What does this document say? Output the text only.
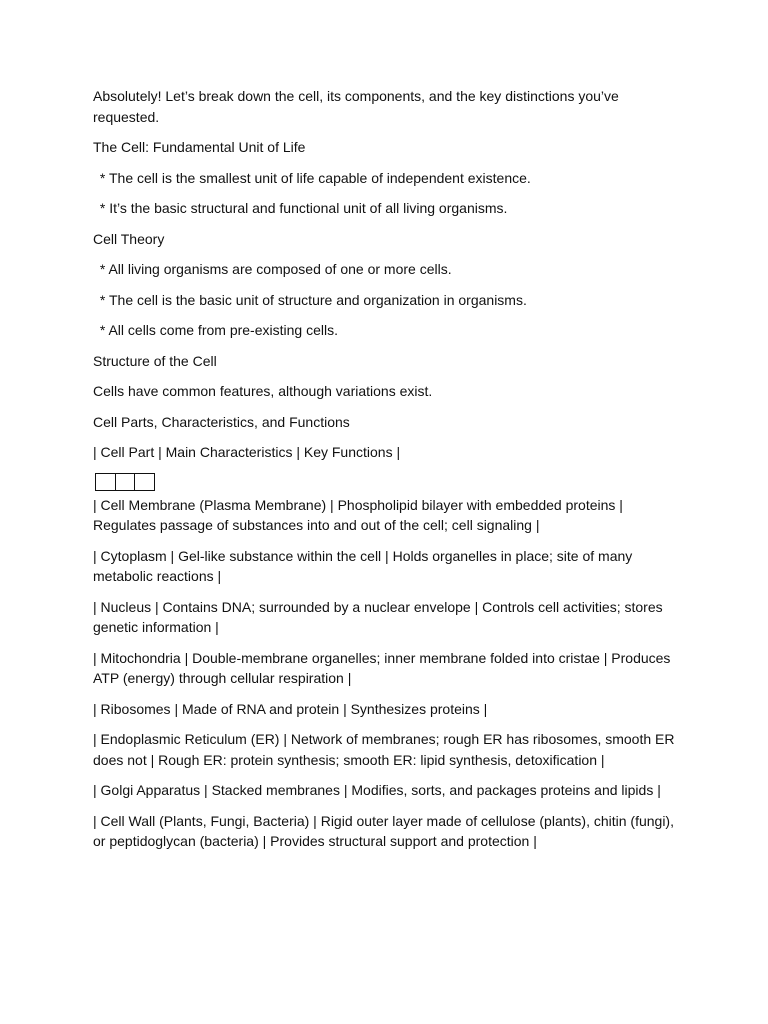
Absolutely! Let’s break down the cell, its components, and the key distinctions you’ve requested.

The Cell: Fundamental Unit of Life

* The cell is the smallest unit of life capable of independent existence.

* It’s the basic structural and functional unit of all living organisms.

Cell Theory

* All living organisms are composed of one or more cells.

* The cell is the basic unit of structure and organization in organisms.

* All cells come from pre-existing cells.

Structure of the Cell

Cells have common features, although variations exist.

Cell Parts, Characteristics, and Functions

| Cell Part | Main Characteristics | Key Functions |

| Cell Membrane (Plasma Membrane) | Phospholipid bilayer with embedded proteins | Regulates passage of substances into and out of the cell; cell signaling |

| Cytoplasm | Gel-like substance within the cell | Holds organelles in place; site of many metabolic reactions |

| Nucleus | Contains DNA; surrounded by a nuclear envelope | Controls cell activities; stores genetic information |

| Mitochondria | Double-membrane organelles; inner membrane folded into cristae | Produces ATP (energy) through cellular respiration |

| Ribosomes | Made of RNA and protein | Synthesizes proteins |

| Endoplasmic Reticulum (ER) | Network of membranes; rough ER has ribosomes, smooth ER does not | Rough ER: protein synthesis; smooth ER: lipid synthesis, detoxification |

| Golgi Apparatus | Stacked membranes | Modifies, sorts, and packages proteins and lipids |

| Cell Wall (Plants, Fungi, Bacteria) | Rigid outer layer made of cellulose (plants), chitin (fungi), or peptidoglycan (bacteria) | Provides structural support and protection |
